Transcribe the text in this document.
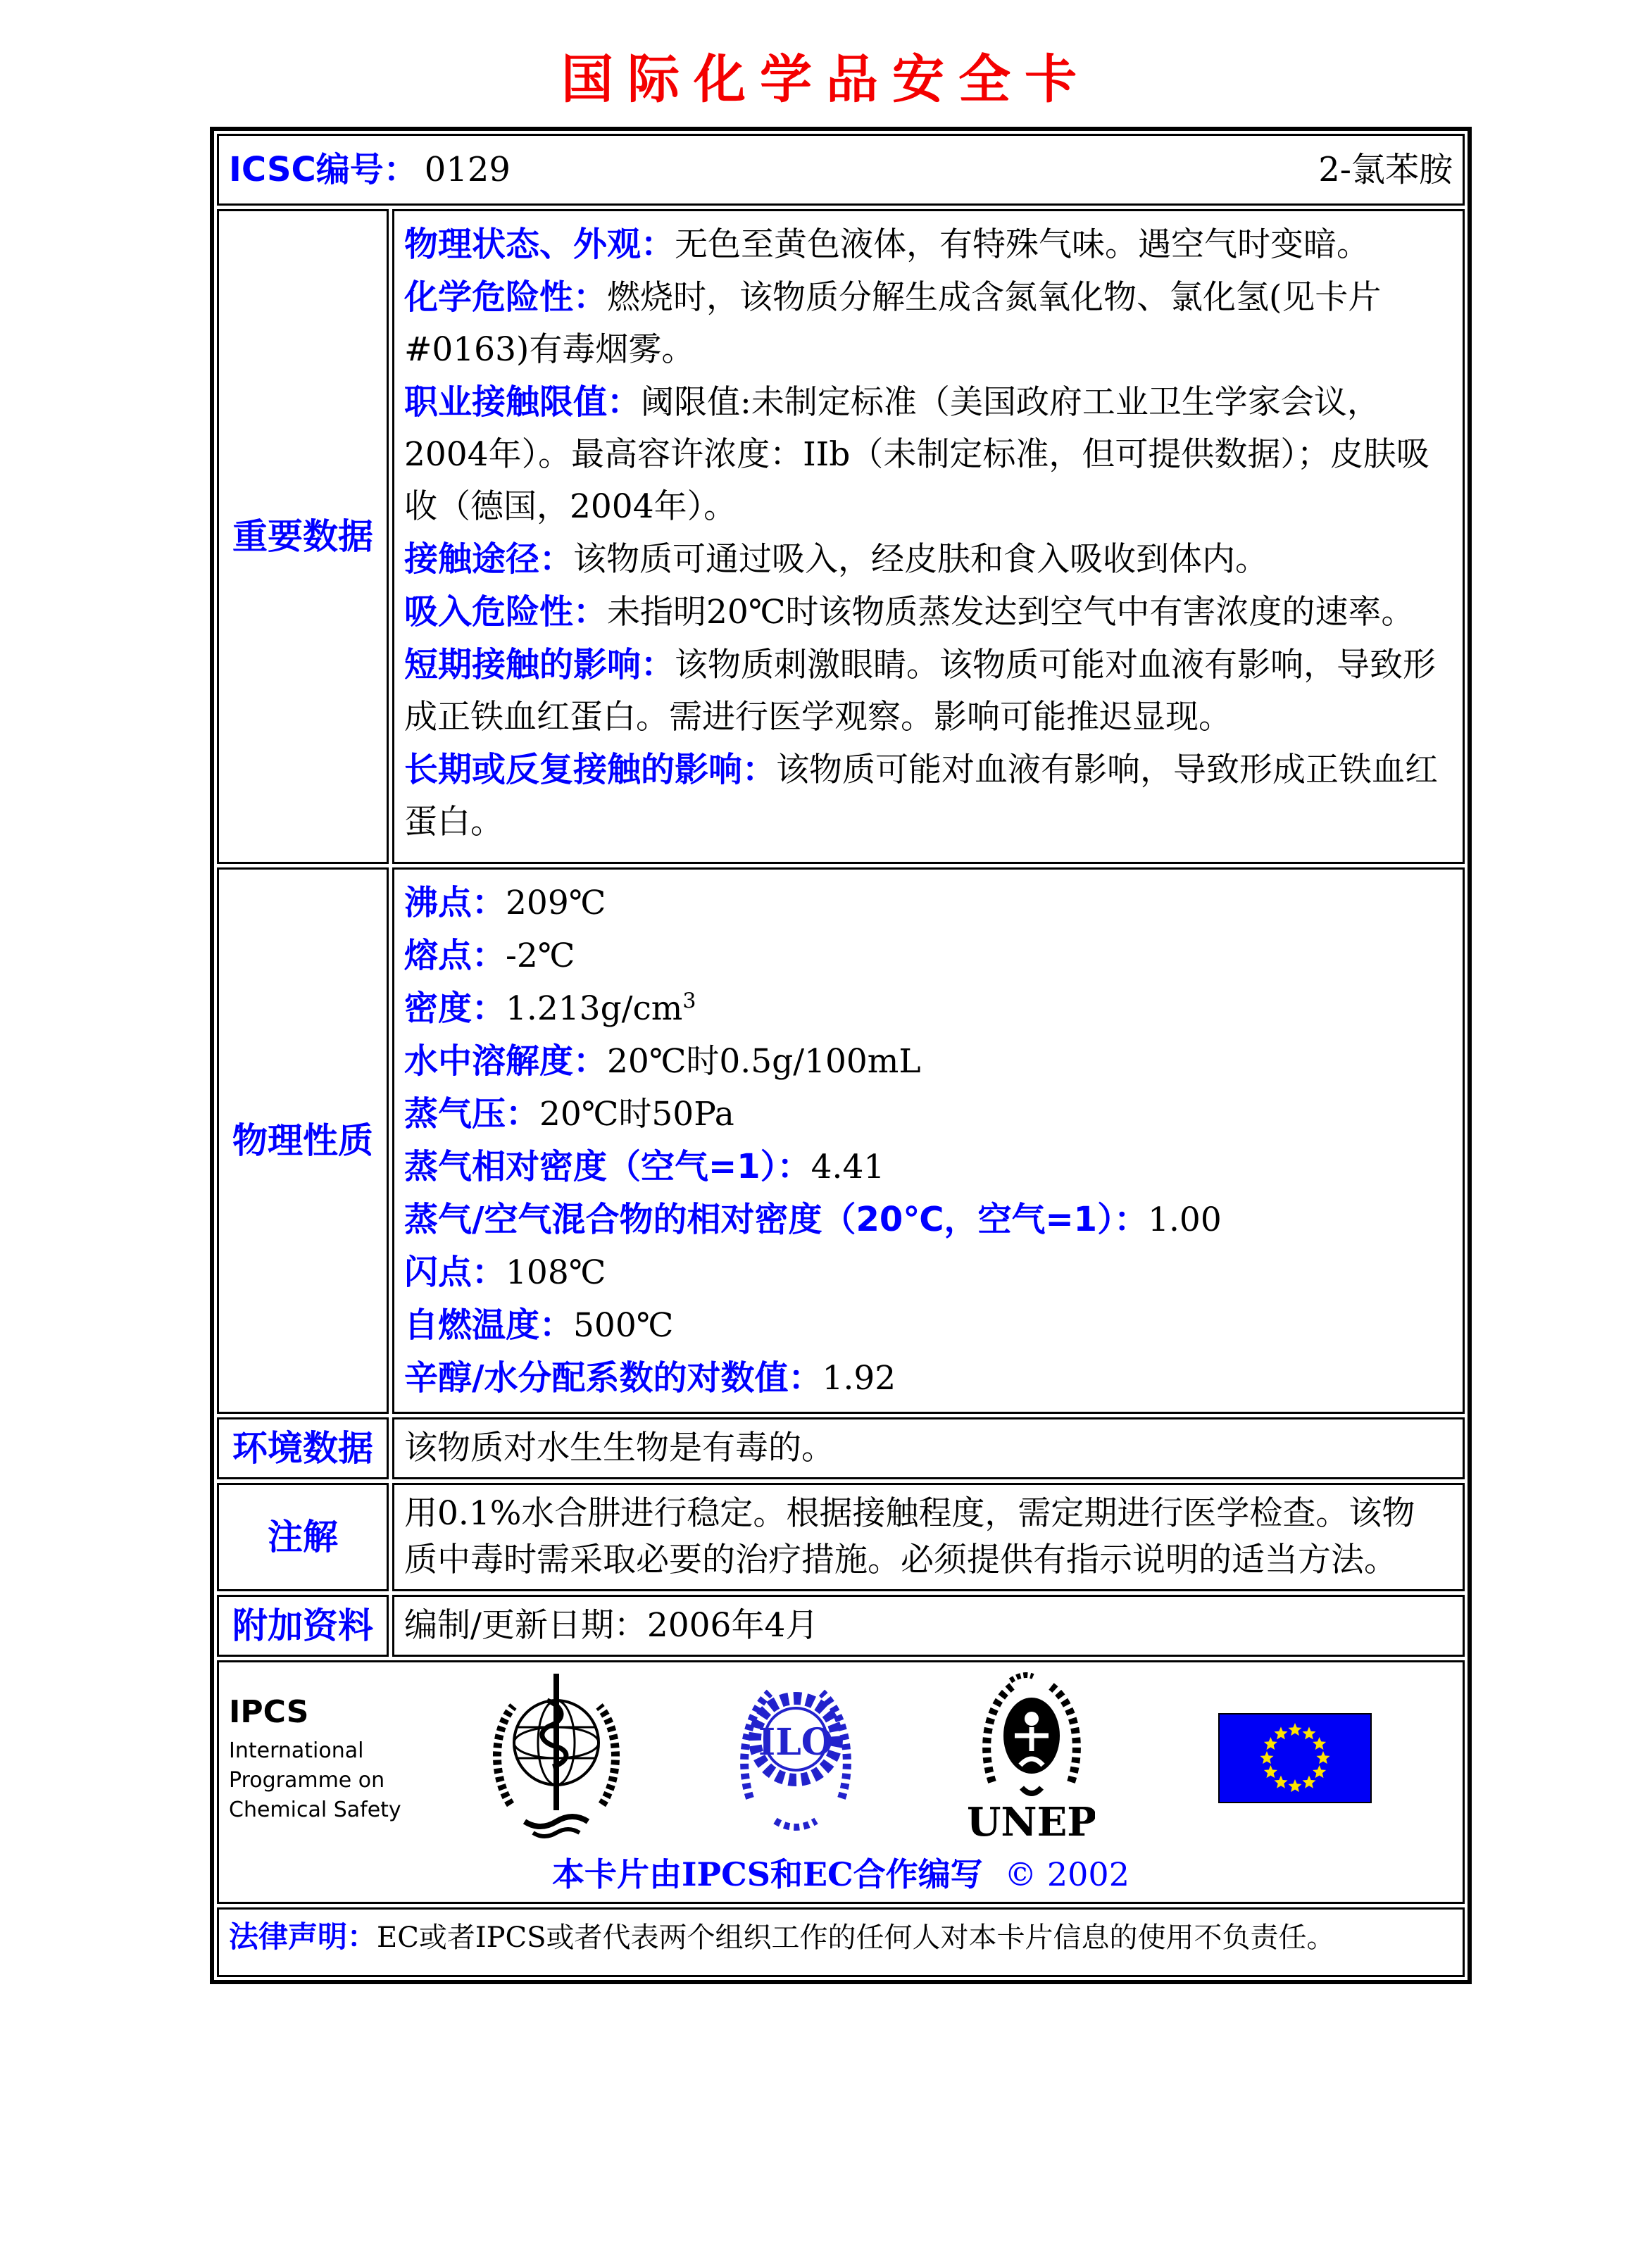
国际化学品安全卡
ICSC编号： 0129	2-氯苯胺
重要数据

物理状态、外观：无色至黄色液体，有特殊气味。遇空气时变暗。

化学危险性：燃烧时，该物质分解生成含氮氧化物、氯化氢(见卡片 #0163)有毒烟雾。

职业接触限值：阈限值:未制定标准（美国政府工业卫生学家会议，2004年）。最高容许浓度：IIb（未制定标准，但可提供数据）；皮肤吸收（德国，2004年）。

接触途径：该物质可通过吸入，经皮肤和食入吸收到体内。

吸入危险性：未指明20℃时该物质蒸发达到空气中有害浓度的速率。

短期接触的影响：该物质刺激眼睛。该物质可能对血液有影响，导致形成正铁血红蛋白。需进行医学观察。影响可能推迟显现。

长期或反复接触的影响：该物质可能对血液有影响，导致形成正铁血红蛋白。

物理性质
沸点：209℃
熔点：-2℃
密度：$1.213g/cm^3$
水中溶解度：20℃时0.5g/100mL
蒸气压：20℃时50Pa
蒸气相对密度（空气=1）：4.41
蒸气/空气混合物的相对密度（20℃，空气=1）：1.00
闪点：108℃
自燃温度：500℃
辛醇/水分配系数的对数值：1.92
环境数据 该物质对水生生物是有毒的。
注解
用0.1%水合肼进行稳定。根据接触程度，需定期进行医学检查。该物质中毒时需采取必要的治疗措施。必须提供有指示说明的适当方法。
附加资料 编制/更新日期：2006年4月
IPCS
International
Programme on
Chemical Safety
ILO
UNEP
本卡片由IPCS和EC合作编写 © 2002
法律声明：EC或者IPCS或者代表两个组织工作的任何人对本卡片信息的使用不负责任。
